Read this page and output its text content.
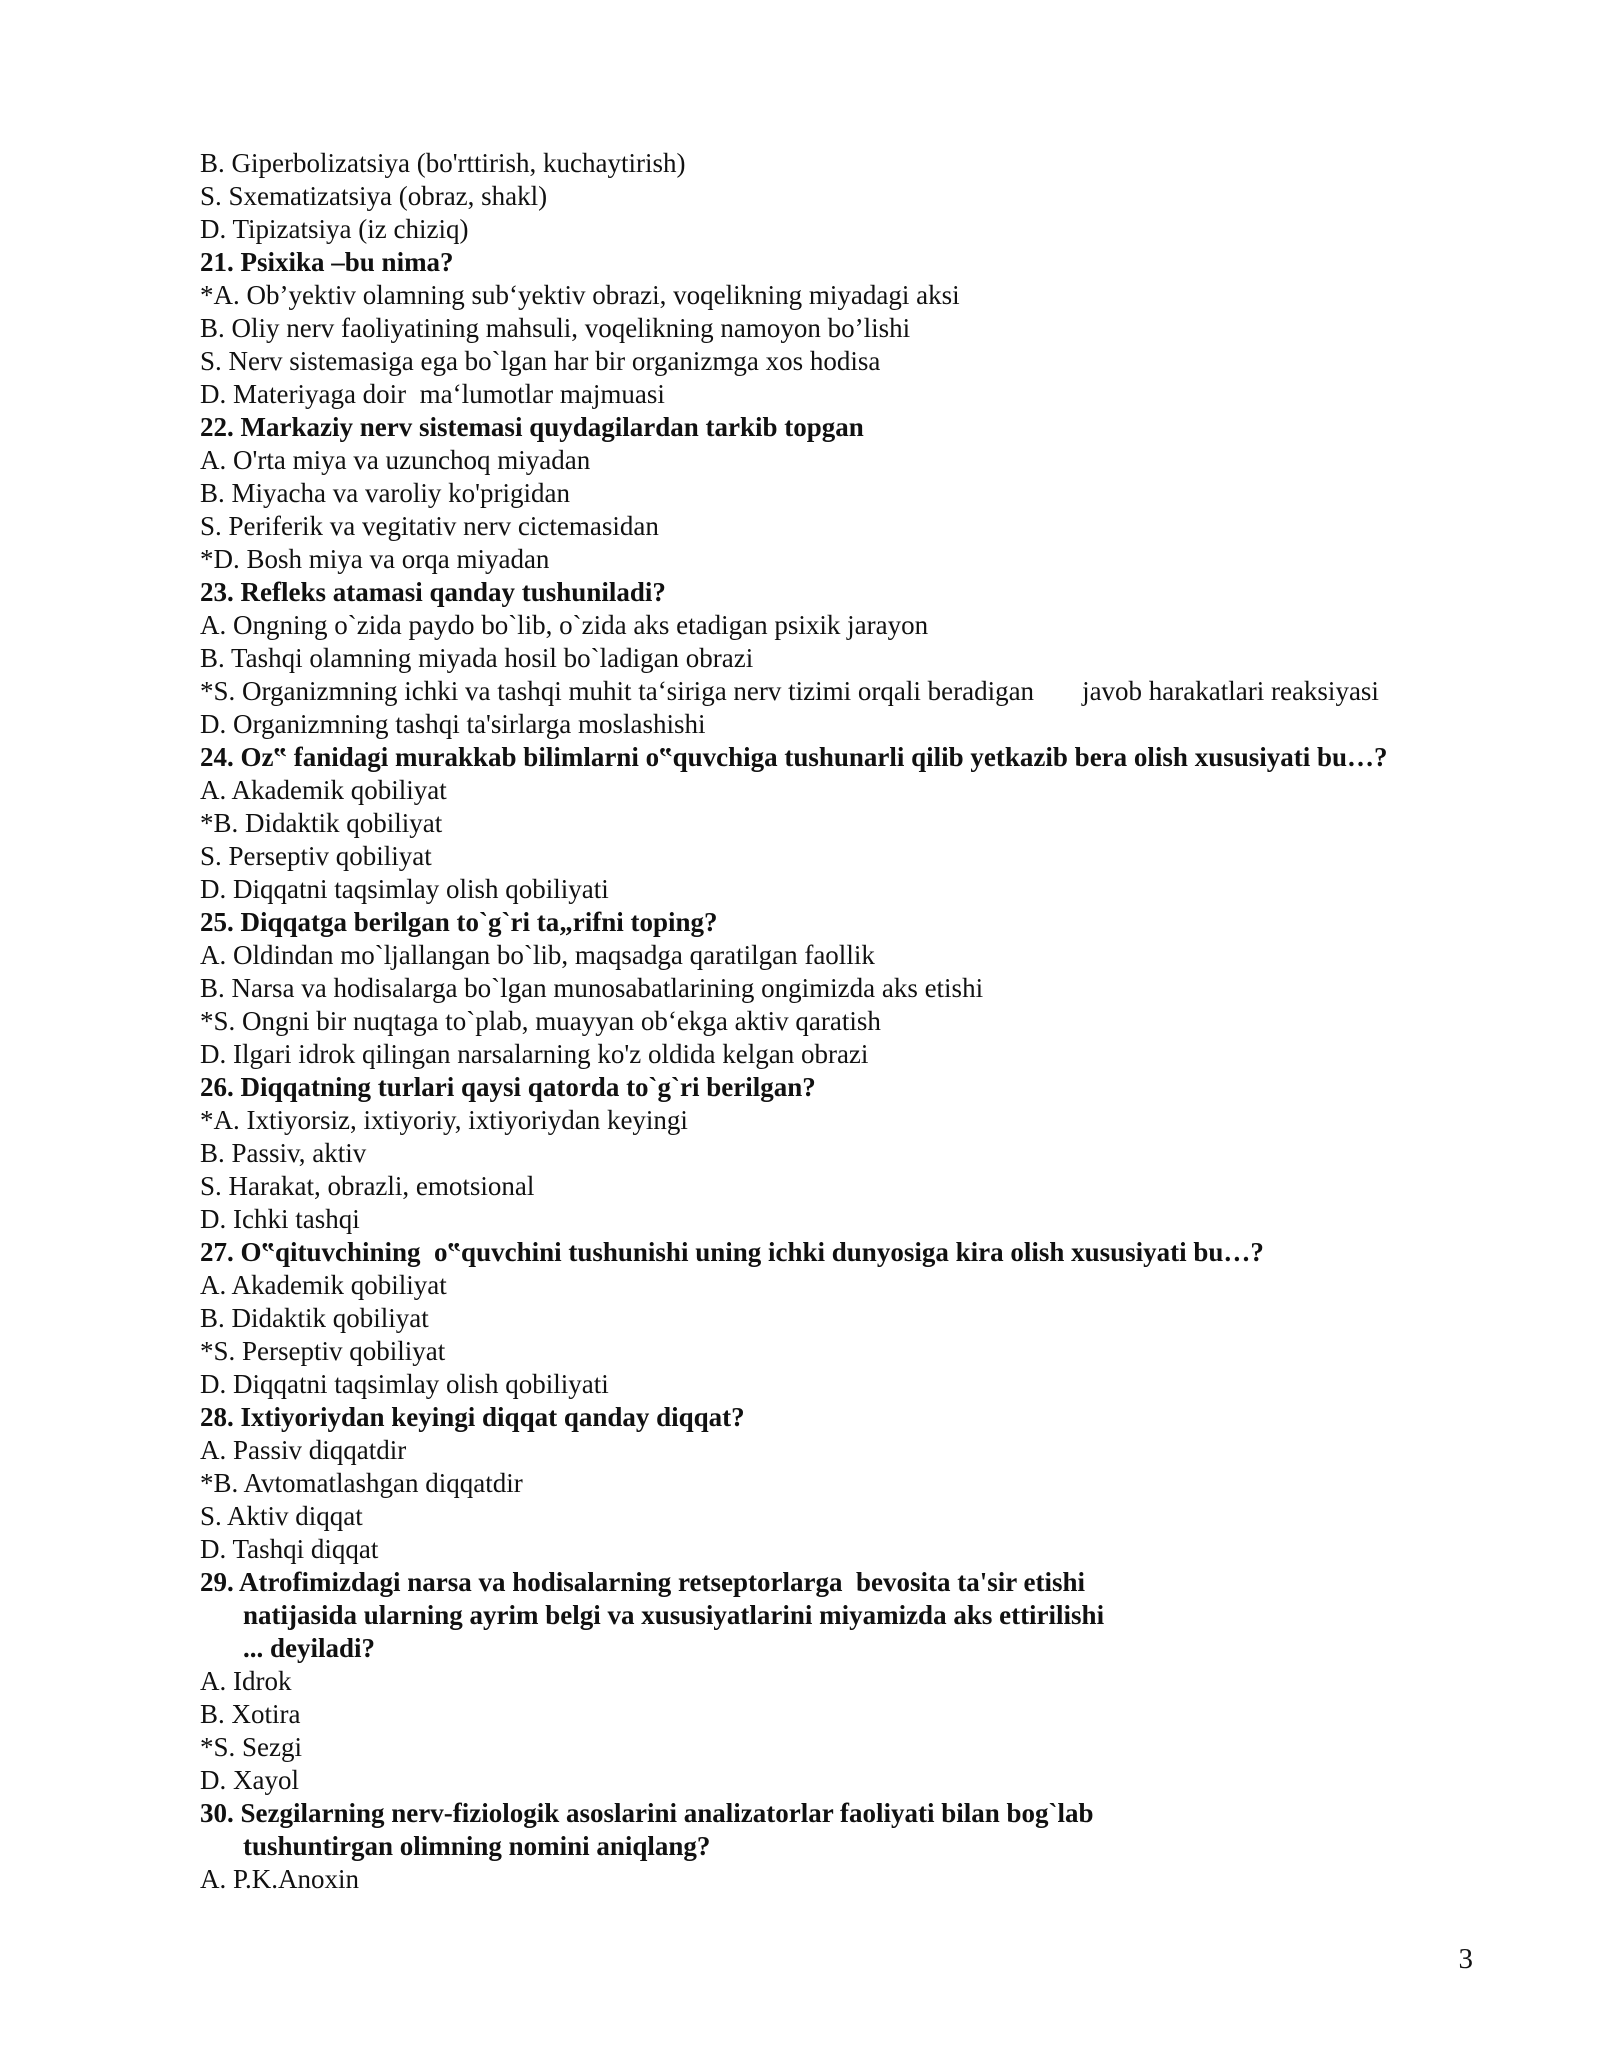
B. Giperbolizatsiya (bo'rttirish, kuchaytirish)
S. Sxematizatsiya (obraz, shakl)
D. Tipizatsiya (iz chiziq)
21. Psixika –bu nima?
*A. Ob’yektiv olamning sub‘yektiv obrazi, voqelikning miyadagi aksi
B. Oliy nerv faoliyatining mahsuli, voqelikning namoyon bo’lishi
S. Nerv sistemasiga ega bo`lgan har bir organizmga xos hodisa
D. Materiyaga doir  ma‘lumotlar majmuasi
22. Markaziy nerv sistemasi quydagilardan tarkib topgan
A. O'rta miya va uzunchoq miyadan
B. Miyacha va varoliy ko'prigidan
S. Periferik va vegitativ nerv cictemasidan
*D. Bosh miya va orqa miyadan
23. Refleks atamasi qanday tushuniladi?
A. Ongning o`zida paydo bo`lib, o`zida aks etadigan psixik jarayon
B. Tashqi olamning miyada hosil bo`ladigan obrazi
*S. Organizmning ichki va tashqi muhit ta‘siriga nerv tizimi orqali beradigan javob harakatlari reaksiyasi
D. Organizmning tashqi ta'sirlarga moslashishi
24. Oz‟ fanidagi murakkab bilimlarni o‟quvchiga tushunarli qilib yetkazib bera olish xususiyati bu…?
A. Akademik qobiliyat
*B. Didaktik qobiliyat
S. Perseptiv qobiliyat
D. Diqqatni taqsimlay olish qobiliyati
25. Diqqatga berilgan to`g`ri ta„rifni toping?
A. Oldindan mo`ljallangan bo`lib, maqsadga qaratilgan faollik
B. Narsa va hodisalarga bo`lgan munosabatlarining ongimizda aks etishi
*S. Ongni bir nuqtaga to`plab, muayyan ob‘ekga aktiv qaratish
D. Ilgari idrok qilingan narsalarning ko'z oldida kelgan obrazi
26. Diqqatning turlari qaysi qatorda to`g`ri berilgan?
*A. Ixtiyorsiz, ixtiyoriy, ixtiyoriydan keyingi
B. Passiv, aktiv
S. Harakat, obrazli, emotsional
D. Ichki tashqi
27. O‟qituvchining  o‟quvchini tushunishi uning ichki dunyosiga kira olish xususiyati bu…?
A. Akademik qobiliyat
B. Didaktik qobiliyat
*S. Perseptiv qobiliyat
D. Diqqatni taqsimlay olish qobiliyati
28. Ixtiyoriydan keyingi diqqat qanday diqqat?
A. Passiv diqqatdir
*B. Avtomatlashgan diqqatdir
S. Aktiv diqqat
D. Tashqi diqqat
29. Atrofimizdagi narsa va hodisalarning retseptorlarga  bevosita ta'sir etishi
natijasida ularning ayrim belgi va xususiyatlarini miyamizda aks ettirilishi
... deyiladi?
A. Idrok
B. Xotira
*S. Sezgi
D. Xayol
30. Sezgilarning nerv-fiziologik asoslarini analizatorlar faoliyati bilan bog`lab
tushuntirgan olimning nomini aniqlang?
A. P.K.Anoxin
3
